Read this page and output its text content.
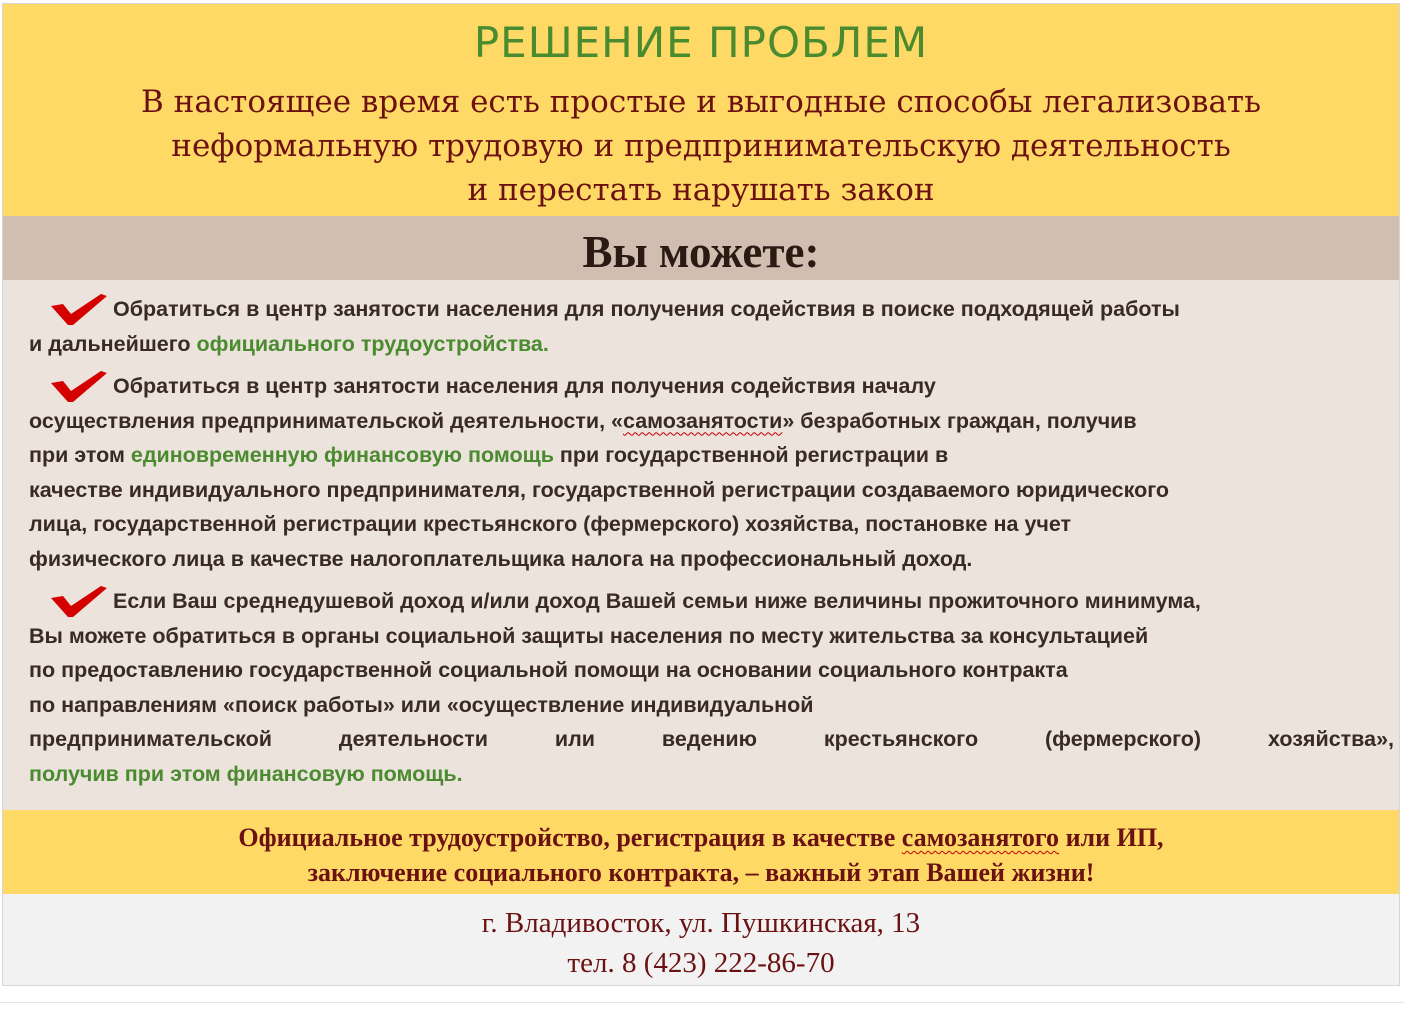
РЕШЕНИЕ ПРОБЛЕМ
В настоящее время есть простые и выгодные способы легализовать
неформальную трудовую и предпринимательскую деятельность
и перестать нарушать закон
Вы можете:
Обратиться в центр занятости населения для получения содействия в поиске подходящей работы
и дальнейшего официального трудоустройства.
Обратиться в центр занятости населения для получения содействия началу
осуществления предпринимательской деятельности, «самозанятости» безработных граждан, получив
при этом единовременную финансовую помощь при государственной регистрации в
качестве индивидуального предпринимателя, государственной регистрации создаваемого юридического
лица, государственной регистрации крестьянского (фермерского) хозяйства, постановке на учет
физического лица в качестве налогоплательщика налога на профессиональный доход.
Если Ваш среднедушевой доход и/или доход Вашей семьи ниже величины прожиточного минимума,
Вы можете обратиться в органы социальной защиты населения по месту жительства за консультацией
по предоставлению государственной социальной помощи на основании социального контракта
по направлениям «поиск работы» или «осуществление индивидуальной
предпринимательской	деятельности	или	ведению	крестьянского	(фермерского)	хозяйства»,
получив при этом финансовую помощь.
Официальное трудоустройство, регистрация в качестве самозанятого или ИП,
заключение социального контракта, – важный этап Вашей жизни!
г. Владивосток, ул. Пушкинская, 13
тел. 8 (423) 222-86-70
